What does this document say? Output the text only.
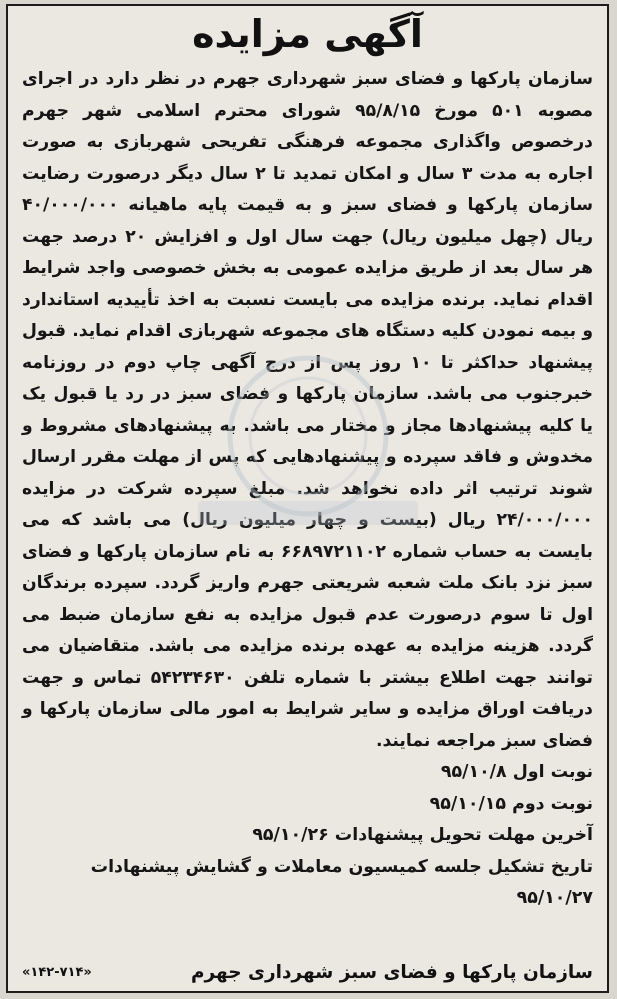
آگهی مزایده

سازمان پارکها و فضای سبز شهرداری جهرم در نظر دارد در اجرای مصوبه ۵۰۱ مورخ ۹۵/۸/۱۵ شورای محترم اسلامی شهر جهرم درخصوص واگذاری مجموعه فرهنگی تفریحی شهربازی به صورت اجاره به مدت ۳ سال و امکان تمدید تا ۲ سال دیگر درصورت رضایت سازمان پارکها و فضای سبز و به قیمت پایه ماهیانه ۴۰/۰۰۰/۰۰۰ ریال (چهل میلیون ریال) جهت سال اول و افزایش ۲۰ درصد جهت هر سال بعد از طریق مزایده عمومی به بخش خصوصی واجد شرایط اقدام نماید. برنده مزایده می بایست نسبت به اخذ تأییدیه استاندارد و بیمه نمودن کلیه دستگاه های مجموعه شهربازی اقدام نماید. قبول پیشنهاد حداکثر تا ۱۰ روز پس از درج آگهی چاپ دوم در روزنامه خبرجنوب می باشد. سازمان پارکها و فضای سبز در رد یا قبول یک یا کلیه پیشنهادها مجاز و مختار می باشد. به پیشنهادهای مشروط و مخدوش و فاقد سپرده و پیشنهادهایی که پس از مهلت مقرر ارسال شوند ترتیب اثر داده نخواهد شد. مبلغ سپرده شرکت در مزایده ۲۴/۰۰۰/۰۰۰ ریال (بیست و چهار میلیون ریال) می باشد که می بایست به حساب شماره ۶۶۸۹۷۲۱۱۰۲ به نام سازمان پارکها و فضای سبز نزد بانک ملت شعبه شریعتی جهرم واریز گردد. سپرده برندگان اول تا سوم درصورت عدم قبول مزایده به نفع سازمان ضبط می گردد. هزینه مزایده به عهده برنده مزایده می باشد. متقاضیان می توانند جهت اطلاع بیشتر با شماره تلفن ۵۴۲۳۴۶۳۰ تماس و جهت دریافت اوراق مزایده و سایر شرایط به امور مالی سازمان پارکها و فضای سبز مراجعه نمایند.

نوبت اول ۹۵/۱۰/۸
نوبت دوم ۹۵/۱۰/۱۵
آخرین مهلت تحویل پیشنهادات ۹۵/۱۰/۲۶
تاریخ تشکیل جلسه کمیسیون معاملات و گشایش پیشنهادات
۹۵/۱۰/۲۷
سازمان پارکها و فضای سبز شهرداری جهرم
«۱۴۲-۷۱۴»
